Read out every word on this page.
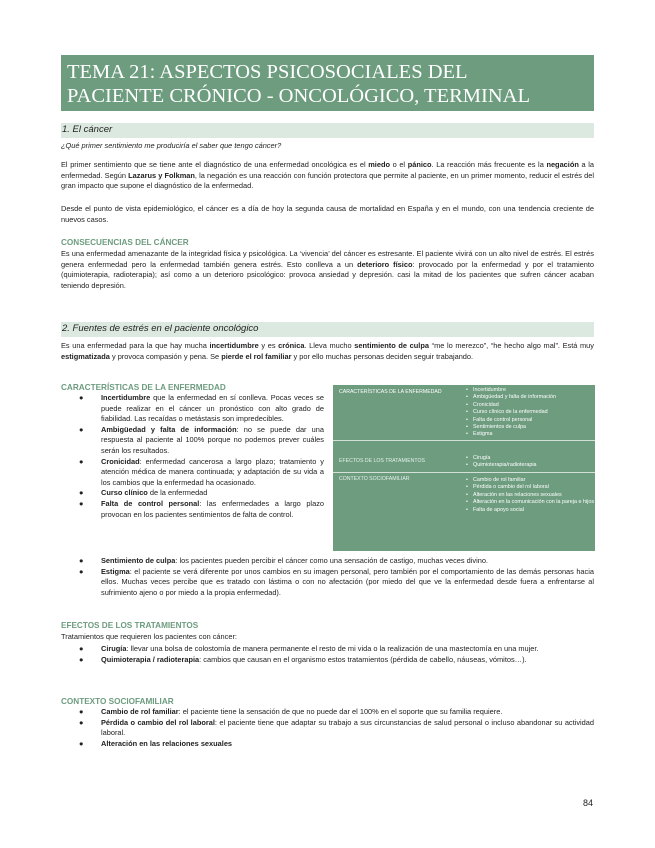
TEMA 21: ASPECTOS PSICOSOCIALES DEL
PACIENTE CRÓNICO - ONCOLÓGICO, TERMINAL
1. El cáncer
¿Qué primer sentimiento me produciría el saber que tengo cáncer?
El primer sentimiento que se tiene ante el diagnóstico de una enfermedad oncológica es el miedo o el pánico. La reacción más frecuente es la negación a la enfermedad. Según Lazarus y Folkman, la negación es una reacción con función protectora que permite al paciente, en un primer momento, reducir el estrés del gran impacto que supone el diagnóstico de la enfermedad.
Desde el punto de vista epidemiológico, el cáncer es a día de hoy la segunda causa de mortalidad en España y en el mundo, con una tendencia creciente de nuevos casos.
CONSECUENCIAS DEL CÁNCER
Es una enfermedad amenazante de la integridad física y psicológica. La ‘vivencia’ del cáncer es estresante. El paciente vivirá con un alto nivel de estrés. El estrés genera enfermedad pero la enfermedad también genera estrés. Esto conlleva a un deterioro físico: provocado por la enfermedad y por el tratamiento (quimioterapia, radioterapia); así como a un deterioro psicológico: provoca ansiedad y depresión. casi la mitad de los pacientes que sufren cáncer acaban teniendo depresión.
2. Fuentes de estrés en el paciente oncológico
Es una enfermedad para la que hay mucha incertidumbre y es crónica. Lleva mucho sentimiento de culpa “me lo merezco”, “he hecho algo mal”. Está muy estigmatizada y provoca compasión y pena. Se pierde el rol familiar y por ello muchas personas deciden seguir trabajando.
CARACTERÍSTICAS DE LA ENFERMEDAD
● Incertidumbre que la enfermedad en sí conlleva. Pocas veces se puede realizar en el cáncer un pronóstico con alto grado de fiabilidad. Las recaídas o metástasis son impredecibles.
● Ambigüedad y falta de información: no se puede dar una respuesta al paciente al 100% porque no podemos prever cuáles serán los resultados.
● Cronicidad: enfermedad cancerosa a largo plazo; tratamiento y atención médica de manera continuada; y adaptación de su vida a los cambios que la enfermedad ha ocasionado.
● Curso clínico de la enfermedad
● Falta de control personal: las enfermedades a largo plazo provocan en los pacientes sentimientos de falta de control.
● Sentimiento de culpa: los pacientes pueden percibir el cáncer como una sensación de castigo, muchas veces divino.
● Estigma: el paciente se verá diferente por unos cambios en su imagen personal, pero también por el comportamiento de las demás personas hacia ellos. Muchas veces percibe que es tratado con lástima o con no afectación (por miedo del que ve la enfermedad desde fuera a enfrentarse al sufrimiento ajeno o por miedo a la propia enfermedad).
CARACTERÍSTICAS DE LA ENFERMEDAD	• Incertidumbre
• Ambigüedad y falta de información
• Cronicidad
• Curso clínico de la enfermedad
• Falta de control personal
• Sentimientos de culpa
• Estigma
EFECTOS DE LOS TRATAMIENTOS	• Cirugía
• Quimioterapia/radioterapia
CONTEXTO SOCIOFAMILIAR	• Cambio de rol familiar
• Pérdida o cambio del rol laboral
• Alteración en las relaciones sexuales
• Alteración en la comunicación con la pareja e hijos
• Falta de apoyo social
EFECTOS DE LOS TRATAMIENTOS
Tratamientos que requieren los pacientes con cáncer:
● Cirugía: llevar una bolsa de colostomía de manera permanente el resto de mi vida o la realización de una mastectomía en una mujer.
● Quimioterapia / radioterapia: cambios que causan en el organismo estos tratamientos (pérdida de cabello, náuseas, vómitos…).
CONTEXTO SOCIOFAMILIAR
● Cambio de rol familiar: el paciente tiene la sensación de que no puede dar el 100% en el soporte que su familia requiere.
● Pérdida o cambio del rol laboral: el paciente tiene que adaptar su trabajo a sus circunstancias de salud personal o incluso abandonar su actividad laboral.
● Alteración en las relaciones sexuales
84
